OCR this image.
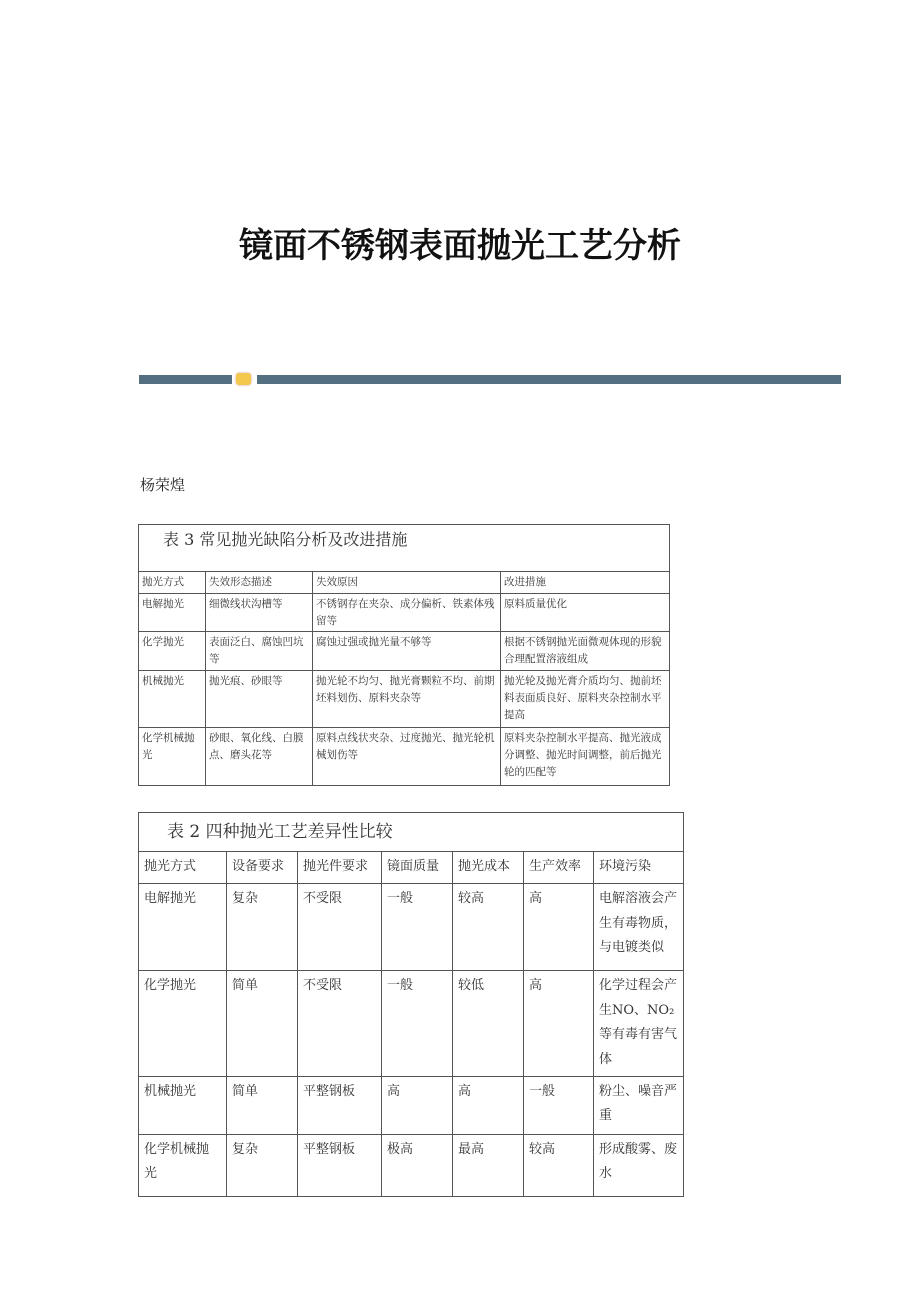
镜面不锈钢表面抛光工艺分析
杨荣煌
表 3 常见抛光缺陷分析及改进措施			
抛光方式	失效形态描述	失效原因	改进措施
电解抛光	细微线状沟槽等	不锈钢存在夹杂、成分偏析、铁素体残留等	原料质量优化
化学抛光	表面泛白、腐蚀凹坑等	腐蚀过强或抛光量不够等	根据不锈钢抛光面微观体现的形貌合理配置溶液组成
机械抛光	抛光痕、砂眼等	抛光轮不均匀、抛光膏颗粒不均、前期坯料划伤、原料夹杂等	抛光轮及抛光膏介质均匀、抛前坯料表面质良好、原料夹杂控制水平提高
化学机械抛光	砂眼、氧化线、白膜点、磨头花等	原料点线状夹杂、过度抛光、抛光轮机械划伤等	原料夹杂控制水平提高、抛光液成分调整、抛光时间调整，前后抛光轮的匹配等
表 2 四种抛光工艺差异性比较						
抛光方式	设备要求	抛光件要求	镜面质量	抛光成本	生产效率	环境污染
电解抛光	复杂	不受限	一般	较高	高	电解溶液会产生有毒物质，与电镀类似
化学抛光	简单	不受限	一般	较低	高	化学过程会产生NO、NO₂等有毒有害气体
机械抛光	简单	平整钢板	高	高	一般	粉尘、噪音严重
化学机械抛光	复杂	平整钢板	极高	最高	较高	形成酸雾、废水
